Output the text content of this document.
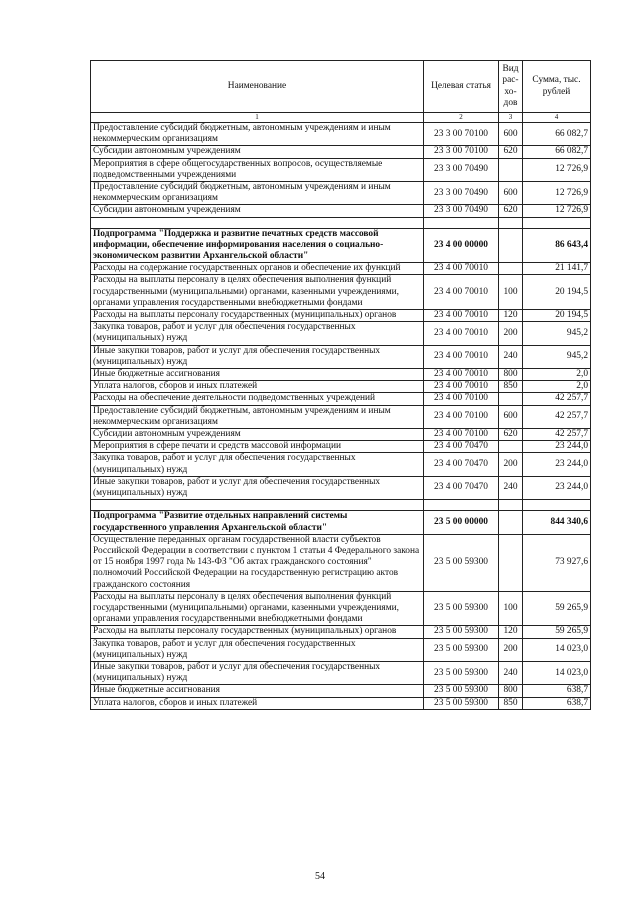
Наименование	Целевая статья	Вид рас-хо-дов	Сумма, тыс. рублей
1	2	3	4
Предоставление субсидий бюджетным, автономным учреждениям и иным некоммерческим организациям	23 3 00 70100	600	66 082,7
Субсидии автономным учреждениям	23 3 00 70100	620	66 082,7
Мероприятия в сфере общегосударственных вопросов, осуществляемые подведомственными учреждениями	23 3 00 70490		12 726,9
Предоставление субсидий бюджетным, автономным учреждениям и иным некоммерческим организациям	23 3 00 70490	600	12 726,9
Субсидии автономным учреждениям	23 3 00 70490	620	12 726,9

Подпрограмма "Поддержка и развитие печатных средств массовой информации, обеспечение информирования населения о социально-экономическом развитии Архангельской области"	23 4 00 00000		86 643,4
Расходы на содержание государственных органов и обеспечение их функций	23 4 00 70010		21 141,7
Расходы на выплаты персоналу в целях обеспечения выполнения функций государственными (муниципальными) органами, казенными учреждениями, органами управления государственными внебюджетными фондами	23 4 00 70010	100	20 194,5
Расходы на выплаты персоналу государственных (муниципальных) органов	23 4 00 70010	120	20 194,5
Закупка товаров, работ и услуг для обеспечения государственных (муниципальных) нужд	23 4 00 70010	200	945,2
Иные закупки товаров, работ и услуг для обеспечения государственных (муниципальных) нужд	23 4 00 70010	240	945,2
Иные бюджетные ассигнования	23 4 00 70010	800	2,0
Уплата налогов, сборов и иных платежей	23 4 00 70010	850	2,0
Расходы на обеспечение деятельности подведомственных учреждений	23 4 00 70100		42 257,7
Предоставление субсидий бюджетным, автономным учреждениям и иным некоммерческим организациям	23 4 00 70100	600	42 257,7
Субсидии автономным учреждениям	23 4 00 70100	620	42 257,7
Мероприятия в сфере печати и средств массовой информации	23 4 00 70470		23 244,0
Закупка товаров, работ и услуг для обеспечения государственных (муниципальных) нужд	23 4 00 70470	200	23 244,0
Иные закупки товаров, работ и услуг для обеспечения государственных (муниципальных) нужд	23 4 00 70470	240	23 244,0

Подпрограмма "Развитие отдельных направлений системы государственного управления Архангельской области"	23 5 00 00000		844 340,6
Осуществление переданных органам государственной власти субъектов Российской Федерации в соответствии с пунктом 1 статьи 4 Федерального закона от 15 ноября 1997 года № 143-ФЗ "Об актах гражданского состояния" полномочий Российской Федерации на государственную регистрацию актов гражданского состояния	23 5 00 59300		73 927,6
Расходы на выплаты персоналу в целях обеспечения выполнения функций государственными (муниципальными) органами, казенными учреждениями, органами управления государственными внебюджетными фондами	23 5 00 59300	100	59 265,9
Расходы на выплаты персоналу государственных (муниципальных) органов	23 5 00 59300	120	59 265,9
Закупка товаров, работ и услуг для обеспечения государственных (муниципальных) нужд	23 5 00 59300	200	14 023,0
Иные закупки товаров, работ и услуг для обеспечения государственных (муниципальных) нужд	23 5 00 59300	240	14 023,0
Иные бюджетные ассигнования	23 5 00 59300	800	638,7
Уплата налогов, сборов и иных платежей	23 5 00 59300	850	638,7
54
